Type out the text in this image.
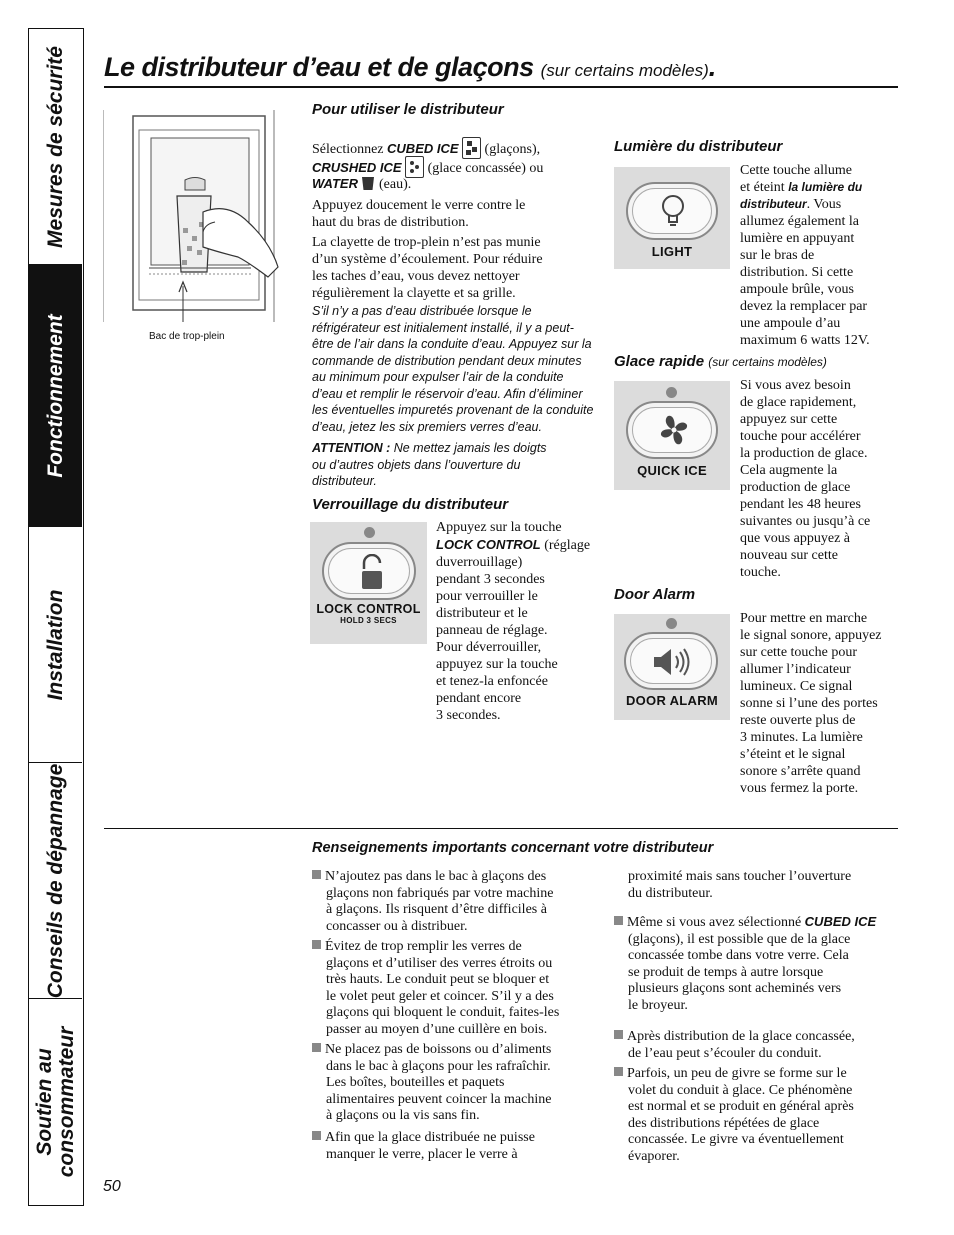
Mesures de sécurité
Fonctionnement
Installation
Conseils de dépannage
Soutien au consommateur
Le distributeur d’eau et de glaçons (sur certains modèles).
Bac de trop-plein
Pour utiliser le distributeur
Sélectionnez CUBED ICE (glaçons),
CRUSHED ICE (glace concassée) ou
WATER (eau).
Appuyez doucement le verre contre le
haut du bras de distribution.
La clayette de trop-plein n’est pas munie
d’un système d’écoulement. Pour réduire
les taches d’eau, vous devez nettoyer
régulièrement la clayette et sa grille.
S’il n’y a pas d’eau distribuée lorsque le
réfrigérateur est initialement installé, il y a peut-
être de l’air dans la conduite d’eau. Appuyez sur la
commande de distribution pendant deux minutes
au minimum pour expulser l’air de la conduite
d’eau et remplir le réservoir d’eau. Afin d’éliminer
les éventuelles impuretés provenant de la conduite
d’eau, jetez les six premiers verres d’eau.
ATTENTION : Ne mettez jamais les doigts
ou d’autres objets dans l’ouverture du
distributeur.
Verrouillage du distributeur
LOCK CONTROL
HOLD 3 SECS
Appuyez sur la touche
LOCK CONTROL (réglage
duverrouillage)
pendant 3 secondes
pour verrouiller le
distributeur et le
panneau de réglage.
Pour déverrouiller,
appuyez sur la touche
et tenez-la enfoncée
pendant encore
3 secondes.
Lumière du distributeur
LIGHT
Cette touche allume
et éteint la lumière du
distributeur. Vous
allumez également la
lumière en appuyant
sur le bras de
distribution. Si cette
ampoule brûle, vous
devez la remplacer par
une ampoule d’au
maximum 6 watts 12V.
Glace rapide (sur certains modèles)
QUICK ICE
Si vous avez besoin
de glace rapidement,
appuyez sur cette
touche pour accélérer
la production de glace.
Cela augmente la
production de glace
pendant les 48 heures
suivantes ou jusqu’à ce
que vous appuyez à
nouveau sur cette
touche.
Door Alarm
DOOR ALARM
Pour mettre en marche
le signal sonore, appuyez
sur cette touche pour
allumer l’indicateur
lumineux. Ce signal
sonne si l’une des portes
reste ouverte plus de
3 minutes. La lumière
s’éteint et le signal
sonore s’arrête quand
vous fermez la porte.
Renseignements importants concernant votre distributeur
N’ajoutez pas dans le bac à glaçons des
glaçons non fabriqués par votre machine
à glaçons. Ils risquent d’être difficiles à
concasser ou à distribuer.
Évitez de trop remplir les verres de
glaçons et d’utiliser des verres étroits ou
très hauts. Le conduit peut se bloquer et
le volet peut geler et coincer. S’il y a des
glaçons qui bloquent le conduit, faites-les
passer au moyen d’une cuillère en bois.
Ne placez pas de boissons ou d’aliments
dans le bac à glaçons pour les rafraîchir.
Les boîtes, bouteilles et paquets
alimentaires peuvent coincer la machine
à glaçons ou la vis sans fin.
Afin que la glace distribuée ne puisse
manquer le verre, placer le verre à
proximité mais sans toucher l’ouverture
du distributeur.
Même si vous avez sélectionné CUBED ICE
(glaçons), il est possible que de la glace
concassée tombe dans votre verre. Cela
se produit de temps à autre lorsque
plusieurs glaçons sont acheminés vers
le broyeur.
Après distribution de la glace concassée,
de l’eau peut s’écouler du conduit.
Parfois, un peu de givre se forme sur le
volet du conduit à glace. Ce phénomène
est normal et se produit en général après
des distributions répétées de glace
concassée. Le givre va éventuellement
évaporer.
50
